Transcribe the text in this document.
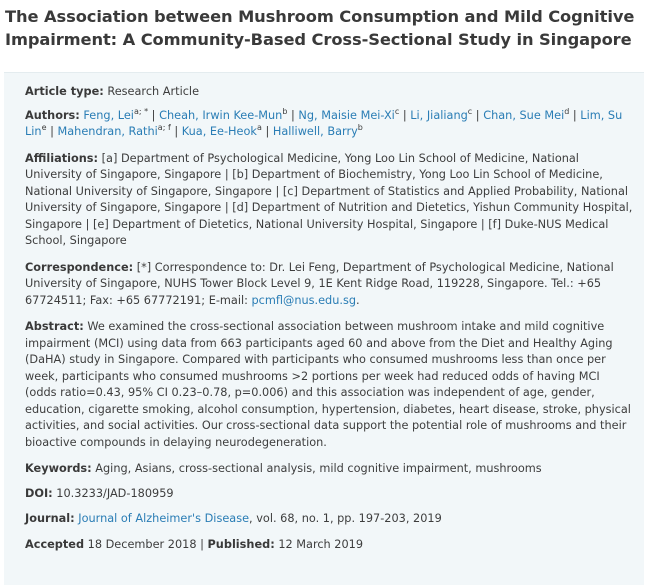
The Association between Mushroom Consumption and Mild Cognitive
Impairment: A Community-Based Cross-Sectional Study in Singapore
Article type: Research Article
Authors: Feng, Lei$^{a; *}$ | Cheah, Irwin Kee-Mun$^b$ | Ng, Maisie Mei-Xi$^c$ | Li, Jialiang$^c$ | Chan, Sue Mei$^d$ | Lim, Su Lin$^e$ | Mahendran, Rathi$^{a; f}$ | Kua, Ee-Heok$^a$ | Halliwell, Barry$^b$
Affiliations: [a] Department of Psychological Medicine, Yong Loo Lin School of Medicine, National University of Singapore, Singapore | [b] Department of Biochemistry, Yong Loo Lin School of Medicine, National University of Singapore, Singapore | [c] Department of Statistics and Applied Probability, National University of Singapore, Singapore | [d] Department of Nutrition and Dietetics, Yishun Community Hospital, Singapore | [e] Department of Dietetics, National University Hospital, Singapore | [f] Duke-NUS Medical School, Singapore
Correspondence: [*] Correspondence to: Dr. Lei Feng, Department of Psychological Medicine, National University of Singapore, NUHS Tower Block Level 9, 1E Kent Ridge Road, 119228, Singapore. Tel.: +65 67724511; Fax: +65 67772191; E-mail: pcmfl@nus.edu.sg.
Abstract: We examined the cross-sectional association between mushroom intake and mild cognitive impairment (MCI) using data from 663 participants aged 60 and above from the Diet and Healthy Aging (DaHA) study in Singapore. Compared with participants who consumed mushrooms less than once per week, participants who consumed mushrooms >2 portions per week had reduced odds of having MCI (odds ratio=0.43, 95% CI 0.23–0.78, p=0.006) and this association was independent of age, gender, education, cigarette smoking, alcohol consumption, hypertension, diabetes, heart disease, stroke, physical activities, and social activities. Our cross-sectional data support the potential role of mushrooms and their bioactive compounds in delaying neurodegeneration.
Keywords: Aging, Asians, cross-sectional analysis, mild cognitive impairment, mushrooms
DOI: 10.3233/JAD-180959
Journal: Journal of Alzheimer's Disease, vol. 68, no. 1, pp. 197-203, 2019
Accepted 18 December 2018 | Published: 12 March 2019
